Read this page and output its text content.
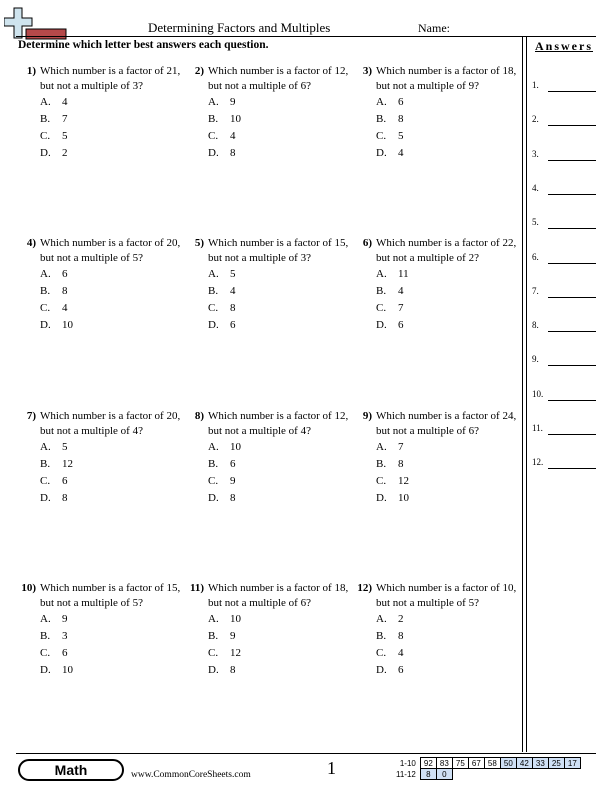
Determining Factors and Multiples	Name:
Determine which letter best answers each question.	Answers
1.
2.
3.
4.
5.
6.
7.
8.
9.
10.
11.
12.
1) Which number is a factor of 21, but not a multiple of 3?
A. 4
B. 7
C. 5
D. 2
2) Which number is a factor of 12, but not a multiple of 6?
A. 9
B. 10
C. 4
D. 8
3) Which number is a factor of 18, but not a multiple of 9?
A. 6
B. 8
C. 5
D. 4
4) Which number is a factor of 20, but not a multiple of 5?
A. 6
B. 8
C. 4
D. 10
5) Which number is a factor of 15, but not a multiple of 3?
A. 5
B. 4
C. 8
D. 6
6) Which number is a factor of 22, but not a multiple of 2?
A. 11
B. 4
C. 7
D. 6
7) Which number is a factor of 20, but not a multiple of 4?
A. 5
B. 12
C. 6
D. 8
8) Which number is a factor of 12, but not a multiple of 4?
A. 10
B. 6
C. 9
D. 8
9) Which number is a factor of 24, but not a multiple of 6?
A. 7
B. 8
C. 12
D. 10
10) Which number is a factor of 15, but not a multiple of 5?
A. 9
B. 3
C. 6
D. 10
11) Which number is a factor of 18, but not a multiple of 6?
A. 10
B. 9
C. 12
D. 8
12) Which number is a factor of 10, but not a multiple of 5?
A. 2
B. 8
C. 4
D. 6
Math	www.CommonCoreSheets.com	1	1-10	92	83	75	67	58	50	42	33	25	17
11-12	8	0								
